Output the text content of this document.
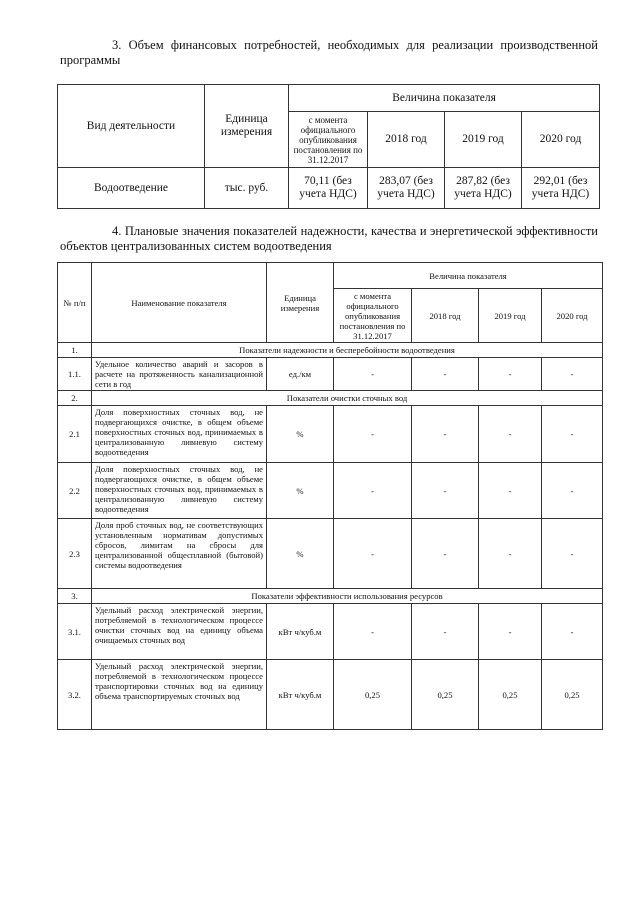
3. Объем финансовых потребностей, необходимых для реализации производственной программы
Вид деятельности	Единица измерения	Величина показателя			
		с момента официального опубликования постановления по 31.12.2017	2018 год	2019 год	2020 год
Водоотведение	тыс. руб.	70,11 (без учета НДС)	283,07 (без учета НДС)	287,82 (без учета НДС)	292,01 (без учета НДС)
4. Плановые значения показателей надежности, качества и энергетической эффективности объектов централизованных систем водоотведения
№ п/п	Наименование показателя	Единица измерения	Величина показателя			
			с момента официального опубликования постановления по 31.12.2017	2018 год	2019 год	2020 год
1.	Показатели надежности и бесперебойности водоотведения					
1.1.	Удельное количество аварий и засоров в расчете на протяженность канализационной сети в год	ед./км	-	-	-	-
2.	Показатели очистки сточных вод					
2.1	Доля поверхностных сточных вод, не подвергающихся очистке, в общем объеме поверхностных сточных вод, принимаемых в централизованную ливневую систему водоотведения	%	-	-	-	-
2.2	Доля поверхностных сточных вод, не подвергающихся очистке, в общем объеме поверхностных сточных вод, принимаемых в централизованную ливневую систему водоотведения	%	-	-	-	-
2.3	Доля проб сточных вод, не соответствующих установленным нормативам допустимых сбросов, лимитам на сбросы для централизованной общесплавной (бытовой) системы водоотведения	%	-	-	-	-
3.	Показатели эффективности использования ресурсов					
3.1.	Удельный расход электрической энергии, потребляемой в технологическом процессе очистки сточных вод на единицу объема очищаемых сточных вод	кВт ч/куб.м	-	-	-	-
3.2.	Удельный расход электрической энергии, потребляемой в технологическом процессе транспортировки сточных вод на единицу объема транспортируемых сточных вод	кВт ч/куб.м	0,25	0,25	0,25	0,25
